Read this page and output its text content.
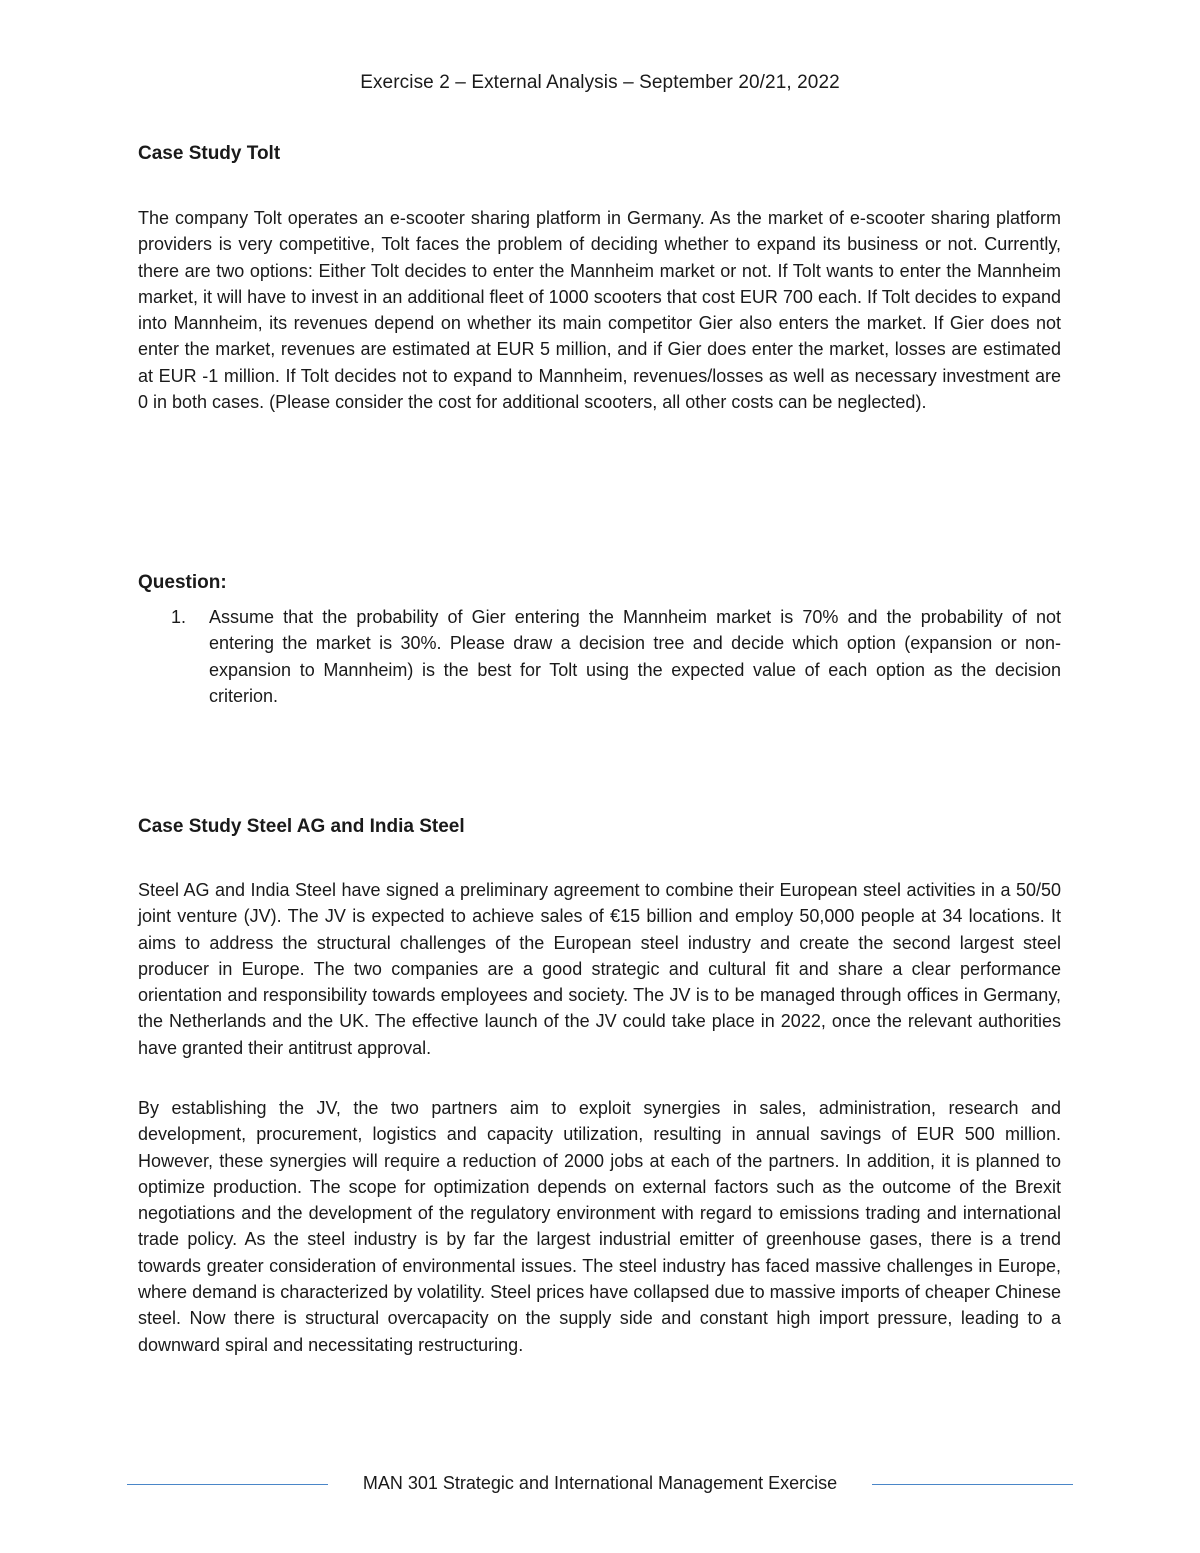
Exercise 2 – External Analysis – September 20/21, 2022
Case Study Tolt

The company Tolt operates an e-scooter sharing platform in Germany. As the market of e-scooter sharing platform providers is very competitive, Tolt faces the problem of deciding whether to expand its business or not. Currently, there are two options: Either Tolt decides to enter the Mannheim market or not. If Tolt wants to enter the Mannheim market, it will have to invest in an additional fleet of 1000 scooters that cost EUR 700 each. If Tolt decides to expand into Mannheim, its revenues depend on whether its main competitor Gier also enters the market. If Gier does not enter the market, revenues are estimated at EUR 5 million, and if Gier does enter the market, losses are estimated at EUR -1 million. If Tolt decides not to expand to Mannheim, revenues/losses as well as necessary investment are 0 in both cases. (Please consider the cost for additional scooters, all other costs can be neglected).

Question:
1. Assume that the probability of Gier entering the Mannheim market is 70% and the probability of not entering the market is 30%. Please draw a decision tree and decide which option (expansion or non-expansion to Mannheim) is the best for Tolt using the expected value of each option as the decision criterion.
Case Study Steel AG and India Steel

Steel AG and India Steel have signed a preliminary agreement to combine their European steel activities in a 50/50 joint venture (JV). The JV is expected to achieve sales of €15 billion and employ 50,000 people at 34 locations. It aims to address the structural challenges of the European steel industry and create the second largest steel producer in Europe. The two companies are a good strategic and cultural fit and share a clear performance orientation and responsibility towards employees and society. The JV is to be managed through offices in Germany, the Netherlands and the UK. The effective launch of the JV could take place in 2022, once the relevant authorities have granted their antitrust approval.

By establishing the JV, the two partners aim to exploit synergies in sales, administration, research and development, procurement, logistics and capacity utilization, resulting in annual savings of EUR 500 million. However, these synergies will require a reduction of 2000 jobs at each of the partners. In addition, it is planned to optimize production. The scope for optimization depends on external factors such as the outcome of the Brexit negotiations and the development of the regulatory environment with regard to emissions trading and international trade policy. As the steel industry is by far the largest industrial emitter of greenhouse gases, there is a trend towards greater consideration of environmental issues. The steel industry has faced massive challenges in Europe, where demand is characterized by volatility. Steel prices have collapsed due to massive imports of cheaper Chinese steel. Now there is structural overcapacity on the supply side and constant high import pressure, leading to a downward spiral and necessitating restructuring.

MAN 301 Strategic and International Management Exercise
